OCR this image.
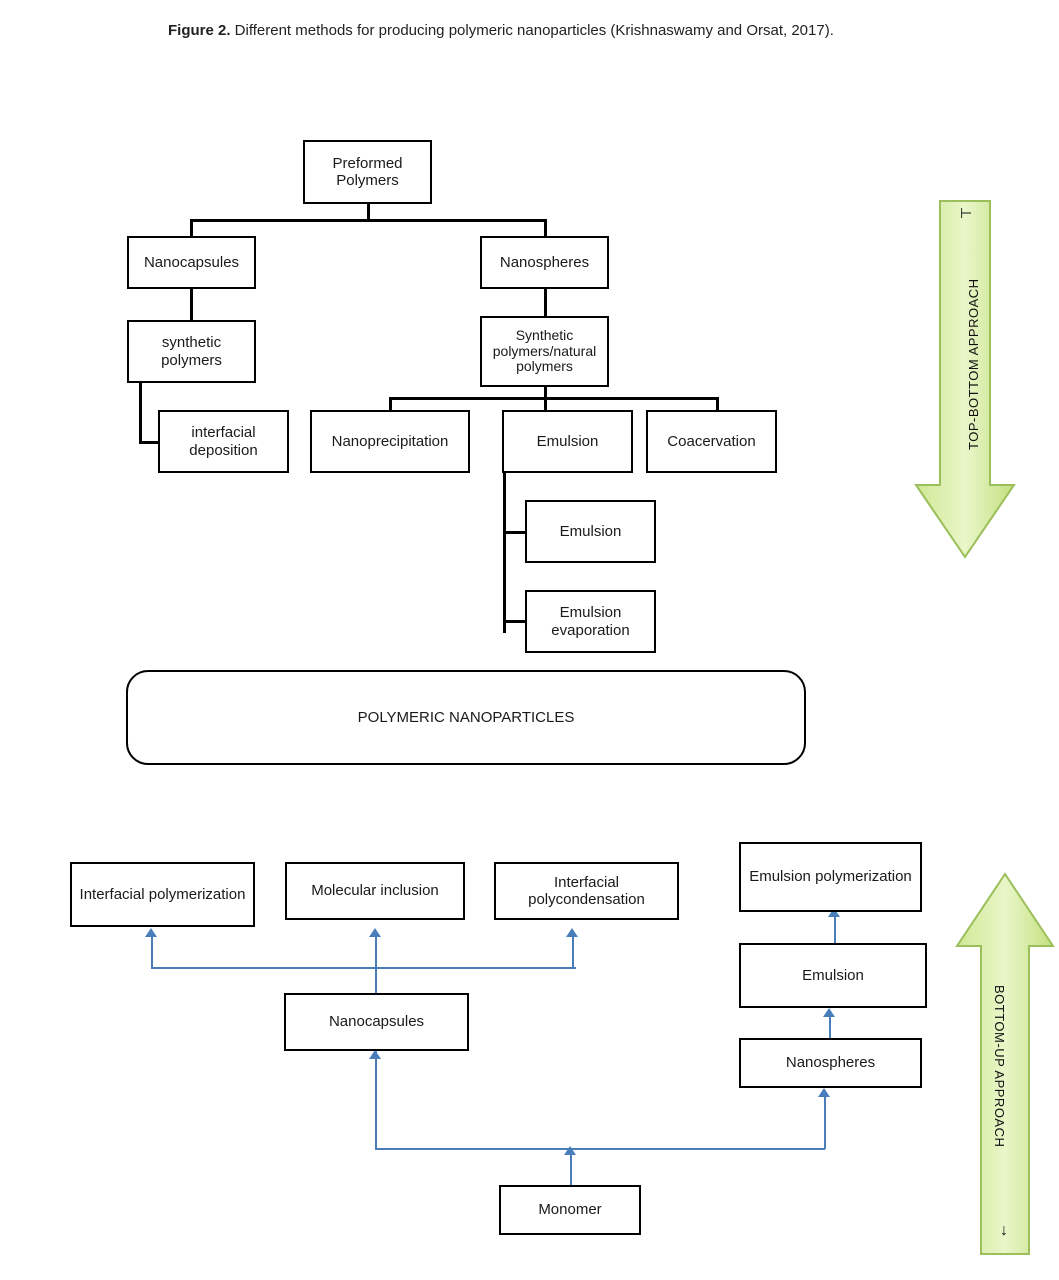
Figure 2. Different methods for producing polymeric nanoparticles (Krishnaswamy and Orsat, 2017).
Preformed Polymers
Nanocapsules	Nanospheres
synthetic polymers
Synthetic polymers/natural polymers
interfacial deposition
Nanoprecipitation	Emulsion	Coacervation
Emulsion
Emulsion evaporation
POLYMERIC NANOPARTICLES
TOP-BOTTOM APPROACH
⊢
Interfacial polymerization	Molecular inclusion
Interfacial polycondensation
Emulsion polymerization
Emulsion
Nanocapsules
Nanospheres
Monomer
BOTTOM-UP APPROACH
↓
